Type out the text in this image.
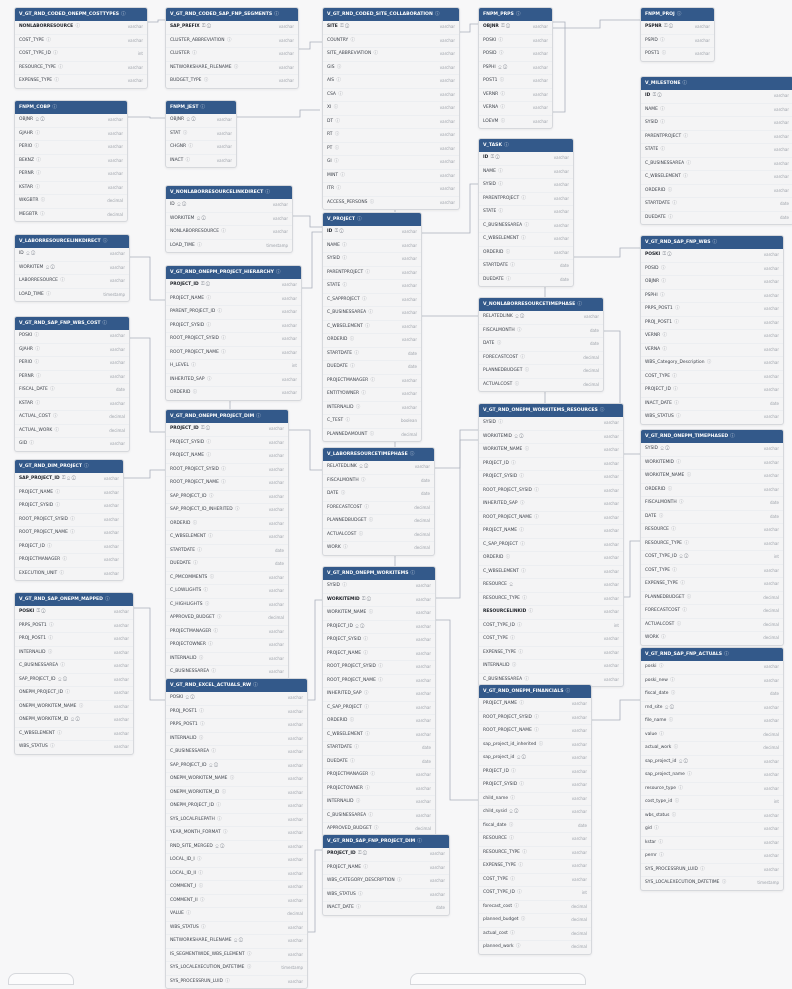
V_GT_RND_CODED_ONEPM_COSTTYPES ⓘ
NONLABORRESOURCE ⓘ	varchar
COST_TYPE ⓘ	varchar
COST_TYPE_ID ⓘ	int
RESOURCE_TYPE ⓘ	varchar
EXPENSE_TYPE ⓘ	varchar
V_GT_RND_CODED_SAP_FNP_SEGMENTS ⓘ
SAP_PREFIX ⚿ ⓘ	varchar
CLUSTER_ABBREVIATION ⓘ	varchar
CLUSTER ⓘ	varchar
NETWORKSHARE_FILENAME ⓘ	varchar
BUDGET_TYPE ⓘ	varchar
V_GT_RND_CODED_SITE_COLLABORATION ⓘ
SITE ⚿ ⓘ	varchar
COUNTRY ⓘ	varchar
SITE_ABBREVIATION ⓘ	varchar
GIS ⓘ	varchar
AIS ⓘ	varchar
CSA ⓘ	varchar
XI ⓘ	varchar
DT ⓘ	varchar
RT ⓘ	varchar
PT ⓘ	varchar
GI ⓘ	varchar
MINT ⓘ	varchar
ITR ⓘ	varchar
ACCESS_PERSONS ⓘ	varchar
FNPM_PRPS ⓘ
OBJNR ⚿ ⓘ	varchar
POSKI ⓘ	varchar
POSID ⓘ	varchar
PSPHI ⎐ ⓘ	varchar
POST1 ⓘ	varchar
VERNR ⓘ	varchar
VERNA ⓘ	varchar
LOEVM ⓘ	varchar
FNPM_PROJ ⓘ
PSPNR ⚿ ⓘ	varchar
PSPID ⓘ	varchar
POST1 ⓘ	varchar
V_MILESTONE ⓘ
ID ⚿ ⓘ	varchar
NAME ⓘ	varchar
SYSID ⓘ	varchar
PARENTPROJECT ⓘ	varchar
STATE ⓘ	varchar
C_BUSINESSAREA ⓘ	varchar
C_WBSELEMENT ⓘ	varchar
ORDERID ⓘ	varchar
STARTDATE ⓘ	date
DUEDATE ⓘ	date
FNPM_COBP ⓘ
OBJNR ⎐ ⓘ	varchar
GJAHR ⓘ	varchar
PERIO ⓘ	varchar
BEKNZ ⓘ	varchar
PERNR ⓘ	varchar
KSTAR ⓘ	varchar
WKGBTR ⓘ	decimal
MEGBTR ⓘ	decimal
FNPM_JEST ⓘ
OBJNR ⎐ ⓘ	varchar
STAT ⓘ	varchar
CHGNR ⓘ	varchar
INACT ⓘ	varchar
V_TASK ⓘ
ID ⚿ ⓘ	varchar
NAME ⓘ	varchar
SYSID ⓘ	varchar
PARENTPROJECT ⓘ	varchar
STATE ⓘ	varchar
C_BUSINESSAREA ⓘ	varchar
C_WBSELEMENT ⓘ	varchar
ORDERID ⓘ	varchar
STARTDATE ⓘ	date
DUEDATE ⓘ	date
V_NONLABORRESOURCELINKDIRECT ⓘ
ID ⎐ ⓘ	varchar
WORKITEM ⎐ ⓘ	varchar
NONLABORRESOURCE ⓘ	varchar
LOAD_TIME ⓘ	timestamp
V_LABORRESOURCELINKDIRECT ⓘ
ID ⎐ ⓘ	varchar
WORKITEM ⎐ ⓘ	varchar
LABORRESOURCE ⓘ	varchar
LOAD_TIME ⓘ	timestamp
V_PROJECT ⓘ
ID ⚿ ⓘ	varchar
NAME ⓘ	varchar
SYSID ⓘ	varchar
PARENTPROJECT ⓘ	varchar
STATE ⓘ	varchar
C_SAPPROJECT ⓘ	varchar
C_BUSINESSAREA ⓘ	varchar
C_WBSELEMENT ⓘ	varchar
ORDERID ⓘ	varchar
STARTDATE ⓘ	date
DUEDATE ⓘ	date
PROJECTMANAGER ⓘ	varchar
ENTITYOWNER ⓘ	varchar
INTERNALID ⓘ	varchar
C_TEST ⓘ	boolean
PLANNEDAMOUNT ⓘ	decimal
V_GT_RND_SAP_FNP_WBS ⓘ
POSKI ⚿ ⓘ	varchar
POSID ⓘ	varchar
OBJNR ⓘ	varchar
PSPHI ⓘ	varchar
PRPS_POST1 ⓘ	varchar
PROJ_POST1 ⓘ	varchar
VERNR ⓘ	varchar
VERNA ⓘ	varchar
WBS_Category_Description ⓘ	varchar
COST_TYPE ⓘ	varchar
PROJECT_ID ⓘ	varchar
INACT_DATE ⓘ	date
WBS_STATUS ⓘ	varchar
V_GT_RND_ONEPM_PROJECT_HIERARCHY ⓘ
PROJECT_ID ⚿ ⓘ	varchar
PROJECT_NAME ⓘ	varchar
PARENT_PROJECT_ID ⓘ	varchar
PROJECT_SYSID ⓘ	varchar
ROOT_PROJECT_SYSID ⓘ	varchar
ROOT_PROJECT_NAME ⓘ	varchar
H_LEVEL ⓘ	int
INHERITED_SAP ⓘ	varchar
ORDERID ⓘ	varchar
V_GT_RND_SAP_FNP_WBS_COST ⓘ
POSKI ⓘ	varchar
GJAHR ⓘ	varchar
PERIO ⓘ	varchar
PERNR ⓘ	varchar
FISCAL_DATE ⓘ	date
KSTAR ⓘ	varchar
ACTUAL_COST ⓘ	decimal
ACTUAL_WORK ⓘ	decimal
GID ⓘ	varchar
V_NONLABORRESOURCETIMEPHASE ⓘ
RELATEDLINK ⎐ ⓘ	varchar
FISCALMONTH ⓘ	date
DATE ⓘ	date
FORECASTCOST ⓘ	decimal
PLANNEDBUDGET ⓘ	decimal
ACTUALCOST ⓘ	decimal
V_GT_RND_ONEPM_PROJECT_DIM ⓘ
PROJECT_ID ⚿ ⓘ	varchar
PROJECT_SYSID ⓘ	varchar
PROJECT_NAME ⓘ	varchar
ROOT_PROJECT_SYSID ⓘ	varchar
ROOT_PROJECT_NAME ⓘ	varchar
SAP_PROJECT_ID ⓘ	varchar
SAP_PROJECT_ID_INHERITED ⓘ	varchar
ORDERID ⓘ	varchar
C_WBSELEMENT ⓘ	varchar
STARTDATE ⓘ	date
DUEDATE ⓘ	date
C_PMCOMMENTS ⓘ	varchar
C_LOWLIGHTS ⓘ	varchar
C_HIGHLIGHTS ⓘ	varchar
APPROVED_BUDGET ⓘ	decimal
PROJECTMANAGER ⓘ	varchar
PROJECTOWNER ⓘ	varchar
INTERNALID ⓘ	varchar
C_BUSINESSAREA ⓘ	varchar
V_GT_RND_ONEPM_WORKITEMS_RESOURCES ⓘ
SYSID ⓘ	varchar
WORKITEMID ⎐ ⓘ	varchar
WORKITEM_NAME ⓘ	varchar
PROJECT_ID ⓘ	varchar
PROJECT_SYSID ⓘ	varchar
ROOT_PROJECT_SYSID ⓘ	varchar
INHERITED_SAP ⓘ	varchar
ROOT_PROJECT_NAME ⓘ	varchar
PROJECT_NAME ⓘ	varchar
C_SAP_PROJECT ⓘ	varchar
ORDERID ⓘ	varchar
C_WBSELEMENT ⓘ	varchar
RESOURCE ⎐	varchar
RESOURCE_TYPE ⓘ	varchar
RESOURCELINKID ⓘ	varchar
COST_TYPE_ID ⓘ	int
COST_TYPE ⓘ	varchar
EXPENSE_TYPE ⓘ	varchar
INTERNALID ⓘ	varchar
C_BUSINESSAREA ⓘ	varchar
V_GT_RND_ONEPM_TIMEPHASED ⓘ
SYSID ⎐ ⓘ	varchar
WORKITEMID ⓘ	varchar
WORKITEM_NAME ⓘ	varchar
ORDERID ⓘ	varchar
FISCALMONTH ⓘ	date
DATE ⓘ	date
RESOURCE ⓘ	varchar
RESOURCE_TYPE ⓘ	varchar
COST_TYPE_ID ⎐ ⓘ	int
COST_TYPE ⓘ	varchar
EXPENSE_TYPE ⓘ	varchar
PLANNEDBUDGET ⓘ	decimal
FORECASTCOST ⓘ	decimal
ACTUALCOST ⓘ	decimal
WORK ⓘ	decimal
V_GT_RND_DIM_PROJECT ⓘ
SAP_PROJECT_ID ⚿ ⎐ ⓘ	varchar
PROJECT_NAME ⓘ	varchar
PROJECT_SYSID ⓘ	varchar
ROOT_PROJECT_SYSID ⓘ	varchar
ROOT_PROJECT_NAME ⓘ	varchar
PROJECT_ID ⓘ	varchar
PROJECTMANAGER ⓘ	varchar
EXECUTION_UNIT ⓘ	varchar
V_LABORRESOURCETIMEPHASE ⓘ
RELATEDLINK ⎐ ⓘ	varchar
FISCALMONTH ⓘ	date
DATE ⓘ	date
FORECASTCOST ⓘ	decimal
PLANNEDBUDGET ⓘ	decimal
ACTUALCOST ⓘ	decimal
WORK ⓘ	decimal
V_GT_RND_ONEPM_WORKITEMS ⓘ
SYSID ⓘ	varchar
WORKITEMID ⚿ ⓘ	varchar
WORKITEM_NAME ⓘ	varchar
PROJECT_ID ⎐ ⓘ	varchar
PROJECT_SYSID ⓘ	varchar
PROJECT_NAME ⓘ	varchar
ROOT_PROJECT_SYSID ⓘ	varchar
ROOT_PROJECT_NAME ⓘ	varchar
INHERITED_SAP ⓘ	varchar
C_SAP_PROJECT ⓘ	varchar
ORDERID ⓘ	varchar
C_WBSELEMENT ⓘ	varchar
STARTDATE ⓘ	date
DUEDATE ⓘ	date
PROJECTMANAGER ⓘ	varchar
PROJECTOWNER ⓘ	varchar
INTERNALID ⓘ	varchar
C_BUSINESSAREA ⓘ	varchar
APPROVED_BUDGET ⓘ	decimal
V_GT_RND_SAP_ONEPM_MAPPED ⓘ
POSKI ⚿ ⓘ	varchar
PRPS_POST1 ⓘ	varchar
PROJ_POST1 ⓘ	varchar
INTERNALID ⓘ	varchar
C_BUSINESSAREA ⓘ	varchar
SAP_PROJECT_ID ⎐ ⓘ	varchar
ONEPM_PROJECT_ID ⓘ	varchar
ONEPM_WORKITEM_NAME ⓘ	varchar
ONEPM_WORKITEM_ID ⎐ ⓘ	varchar
C_WBSELEMENT ⓘ	varchar
WBS_STATUS ⓘ	varchar
V_GT_RND_SAP_FNP_ACTUALS ⓘ
poski ⓘ	varchar
poski_new ⓘ	varchar
fiscal_date ⓘ	date
rnd_site ⎐ ⓘ	varchar
file_name ⓘ	varchar
value ⓘ	decimal
actual_work ⓘ	decimal
sap_project_id ⎐ ⓘ	varchar
sap_project_name ⓘ	varchar
resource_type ⓘ	varchar
cost_type_id ⓘ	int
wbs_status ⓘ	varchar
gid ⓘ	varchar
kstar ⓘ	varchar
pernr ⓘ	varchar
SYS_PROCESSRUN_LUID ⓘ	varchar
SYS_LOCALEXECUTION_DATETIME ⓘ	timestamp
V_GT_RND_ONEPM_FINANCIALS ⓘ
PROJECT_NAME ⓘ	varchar
ROOT_PROJECT_SYSID ⓘ	varchar
ROOT_PROJECT_NAME ⓘ	varchar
sap_project_id_inherited ⓘ	varchar
sap_project_id ⎐ ⓘ	varchar
PROJECT_ID ⓘ	varchar
PROJECT_SYSID ⓘ	varchar
child_name ⓘ	varchar
child_sysid ⎐ ⓘ	varchar
fiscal_date ⓘ	date
RESOURCE ⓘ	varchar
RESOURCE_TYPE ⓘ	varchar
EXPENSE_TYPE ⓘ	varchar
COST_TYPE ⓘ	varchar
COST_TYPE_ID ⓘ	int
forecast_cost ⓘ	decimal
planned_budget ⓘ	decimal
actual_cost ⓘ	decimal
planned_work ⓘ	decimal
V_GT_RND_EXCEL_ACTUALS_RW ⓘ
POSKI ⎐ ⓘ	varchar
PROJ_POST1 ⓘ	varchar
PRPS_POST1 ⓘ	varchar
INTERNALID ⓘ	varchar
C_BUSINESSAREA ⓘ	varchar
SAP_PROJECT_ID ⎐ ⓘ	varchar
ONEPM_WORKITEM_NAME ⓘ	varchar
ONEPM_WORKITEM_ID ⓘ	varchar
ONEPM_PROJECT_ID ⓘ	varchar
SYS_LOCALFILEPATH ⓘ	varchar
YEAR_MONTH_FORMAT ⓘ	varchar
RND_SITE_MERGED ⎐ ⓘ	varchar
LOCAL_ID_I ⓘ	varchar
LOCAL_ID_II ⓘ	varchar
COMMENT_I ⓘ	varchar
COMMENT_II ⓘ	varchar
VALUE ⓘ	decimal
WBS_STATUS ⓘ	varchar
NETWORKSHARE_FILENAME ⎐ ⓘ	varchar
IS_SEGMENTWIDE_WBS_ELEMENT ⓘ	varchar
SYS_LOCALEXECUTION_DATETIME ⓘ	timestamp
SYS_PROCESSRUN_LUID ⓘ	varchar
V_GT_RND_SAP_FNP_PROJECT_DIM ⓘ
PROJECT_ID ⚿ ⓘ	varchar
PROJECT_NAME ⓘ	varchar
WBS_CATEGORY_DESCRIPTION ⓘ	varchar
WBS_STATUS ⓘ	varchar
INACT_DATE ⓘ	date
